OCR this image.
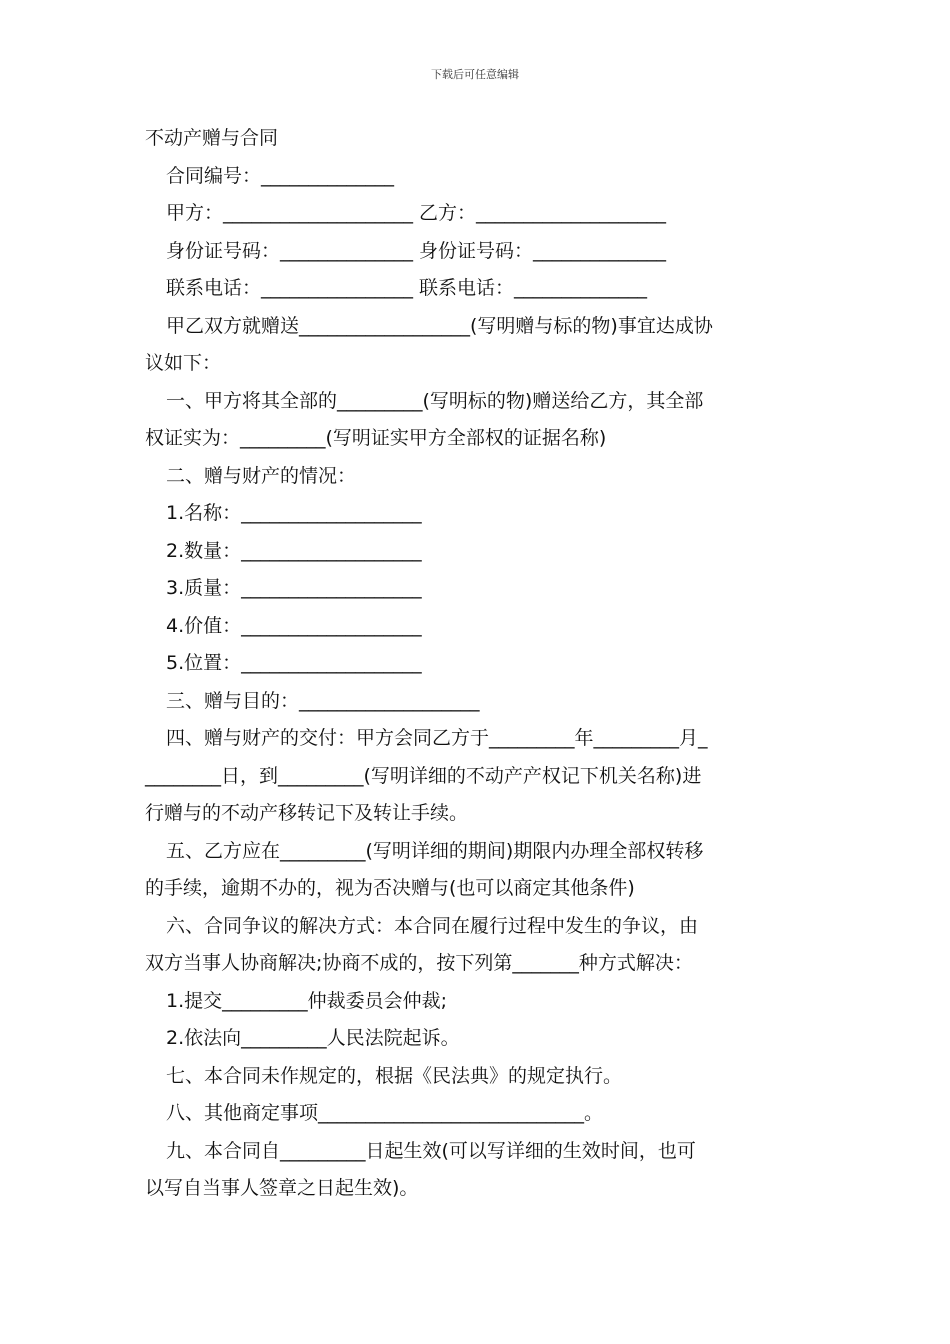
下载后可任意编辑

不动产赠与合同

合同编号：______________

甲方：____________________ 乙方：____________________

身份证号码：______________ 身份证号码：______________

联系电话：________________ 联系电话：______________

甲乙双方就赠送__________________(写明赠与标的物)事宜达成协

议如下：

一、甲方将其全部的_________(写明标的物)赠送给乙方，其全部

权证实为：_________(写明证实甲方全部权的证据名称)

二、赠与财产的情况：

1.名称：___________________

2.数量：___________________

3.质量：___________________

4.价值：___________________

5.位置：___________________

三、赠与目的：___________________

四、赠与财产的交付：甲方会同乙方于_________年_________月_

________日，到_________(写明详细的不动产产权记下机关名称)进

行赠与的不动产移转记下及转让手续。

五、乙方应在_________(写明详细的期间)期限内办理全部权转移

的手续，逾期不办的，视为否决赠与(也可以商定其他条件)

六、合同争议的解决方式：本合同在履行过程中发生的争议，由

双方当事人协商解决;协商不成的，按下列第_______种方式解决：

1.提交_________仲裁委员会仲裁;

2.依法向_________人民法院起诉。

七、本合同未作规定的，根据《民法典》的规定执行。

八、其他商定事项____________________________。

九、本合同自_________日起生效(可以写详细的生效时间，也可

以写自当事人签章之日起生效)。
